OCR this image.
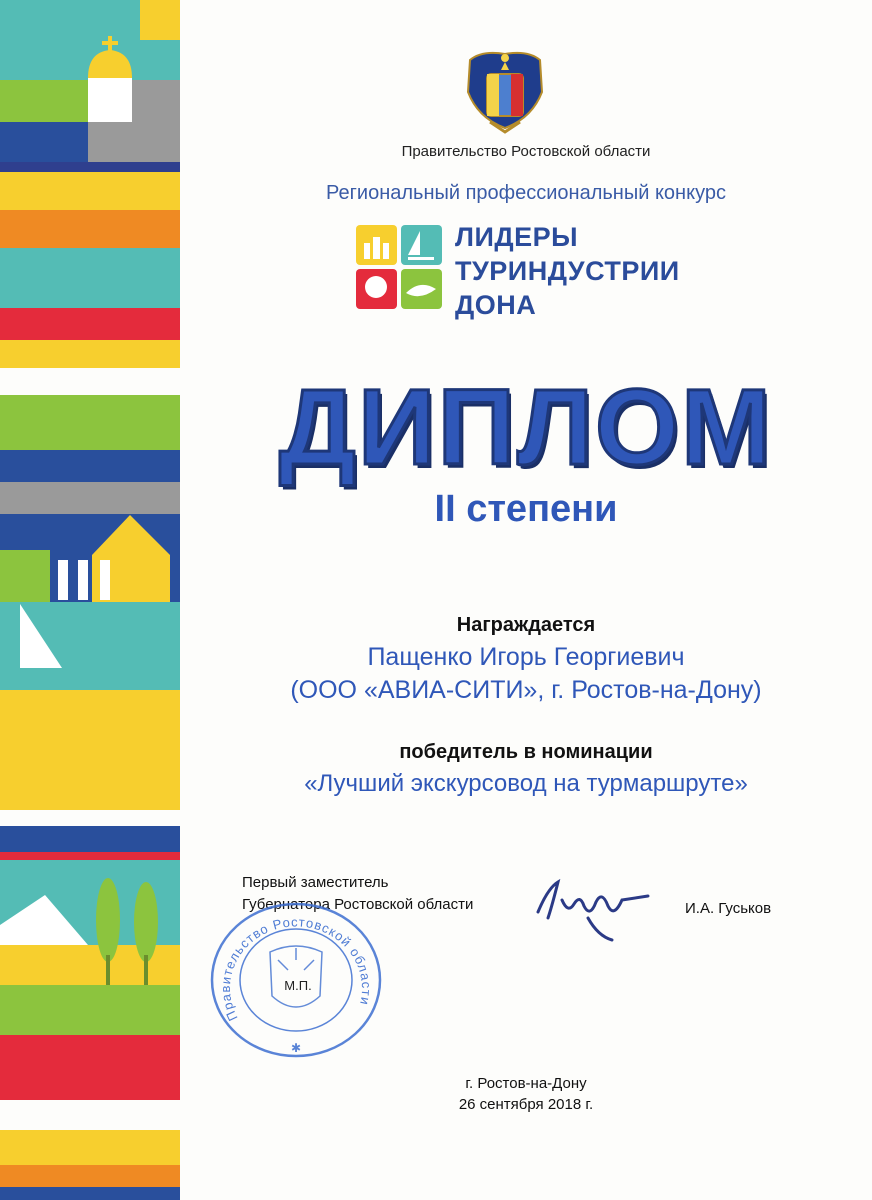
Правительство Ростовской области
Региональный профессиональный конкурс
ЛИДЕРЫ
ТУРИНДУСТРИИ
ДОНА
ДИПЛОМ
II степени
Награждается
Пащенко Игорь Георгиевич
(ООО «АВИА-СИТИ», г. Ростов-на-Дону)
победитель в номинации
«Лучший экскурсовод на турмаршруте»
Первый заместитель
Губернатора Ростовской области	И.А. Гуськов
Правительство Ростовской области
М.П.
✱
г. Ростов-на-Дону
26 сентября 2018 г.
